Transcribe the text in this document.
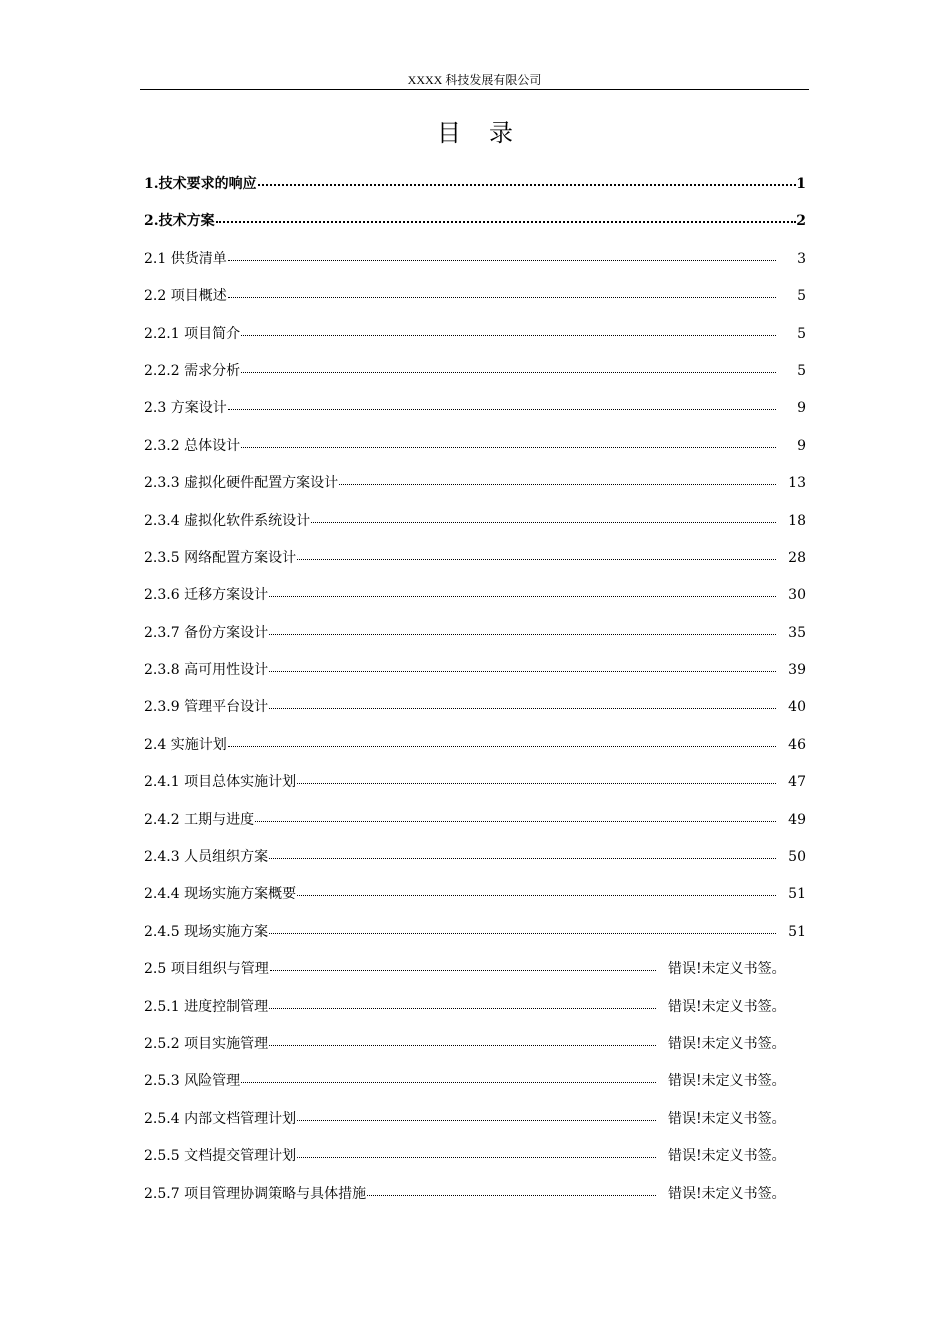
XXXX 科技发展有限公司
目录
1.技术要求的响应	1
2.技术方案	2
2.1 供货清单	3
2.2 项目概述	5
2.2.1 项目简介	5
2.2.2 需求分析	5
2.3 方案设计	9
2.3.2 总体设计	9
2.3.3 虚拟化硬件配置方案设计	13
2.3.4 虚拟化软件系统设计	18
2.3.5 网络配置方案设计	28
2.3.6 迁移方案设计	30
2.3.7 备份方案设计	35
2.3.8 高可用性设计	39
2.3.9 管理平台设计	40
2.4 实施计划	46
2.4.1 项目总体实施计划	47
2.4.2 工期与进度	49
2.4.3 人员组织方案	50
2.4.4 现场实施方案概要	51
2.4.5 现场实施方案	51
2.5 项目组织与管理	错误!未定义书签。
2.5.1 进度控制管理	错误!未定义书签。
2.5.2 项目实施管理	错误!未定义书签。
2.5.3 风险管理	错误!未定义书签。
2.5.4 内部文档管理计划	错误!未定义书签。
2.5.5 文档提交管理计划	错误!未定义书签。
2.5.7 项目管理协调策略与具体措施	错误!未定义书签。
